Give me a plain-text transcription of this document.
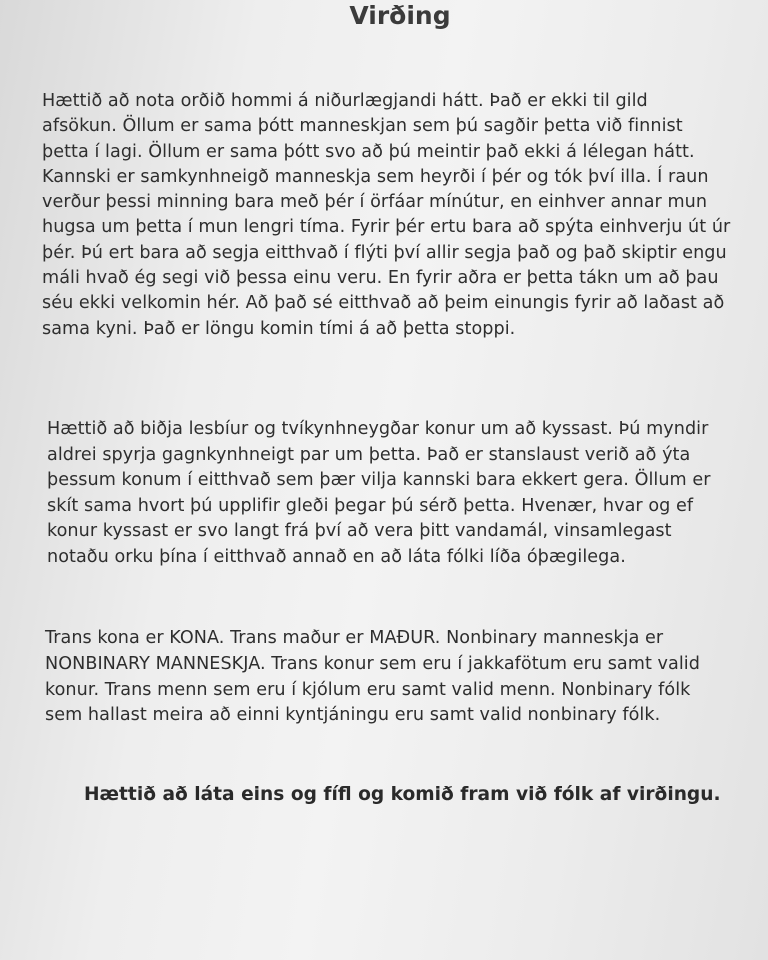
Virðing

Hættið að nota orðið hommi á niðurlægjandi hátt. Það er ekki til gild
afsökun. Öllum er sama þótt manneskjan sem þú sagðir þetta við finnist
þetta í lagi. Öllum er sama þótt svo að þú meintir það ekki á lélegan hátt.
Kannski er samkynhneigð manneskja sem heyrði í þér og tók því illa. Í raun
verður þessi minning bara með þér í örfáar mínútur, en einhver annar mun
hugsa um þetta í mun lengri tíma. Fyrir þér ertu bara að spýta einhverju út úr
þér. Þú ert bara að segja eitthvað í flýti því allir segja það og það skiptir engu
máli hvað ég segi við þessa einu veru. En fyrir aðra er þetta tákn um að þau
séu ekki velkomin hér. Að það sé eitthvað að þeim einungis fyrir að laðast að
sama kyni. Það er löngu komin tími á að þetta stoppi.

Hættið að biðja lesbíur og tvíkynhneygðar konur um að kyssast. Þú myndir
aldrei spyrja gagnkynhneigt par um þetta. Það er stanslaust verið að ýta
þessum konum í eitthvað sem þær vilja kannski bara ekkert gera. Öllum er
skít sama hvort þú upplifir gleði þegar þú sérð þetta. Hvenær, hvar og ef
konur kyssast er svo langt frá því að vera þitt vandamál, vinsamlegast
notaðu orku þína í eitthvað annað en að láta fólki líða óþægilega.

Trans kona er KONA. Trans maður er MAÐUR. Nonbinary manneskja er
NONBINARY MANNESKJA. Trans konur sem eru í jakkafötum eru samt valid
konur. Trans menn sem eru í kjólum eru samt valid menn. Nonbinary fólk
sem hallast meira að einni kyntjáningu eru samt valid nonbinary fólk.

Hættið að láta eins og fífl og komið fram við fólk af virðingu.
